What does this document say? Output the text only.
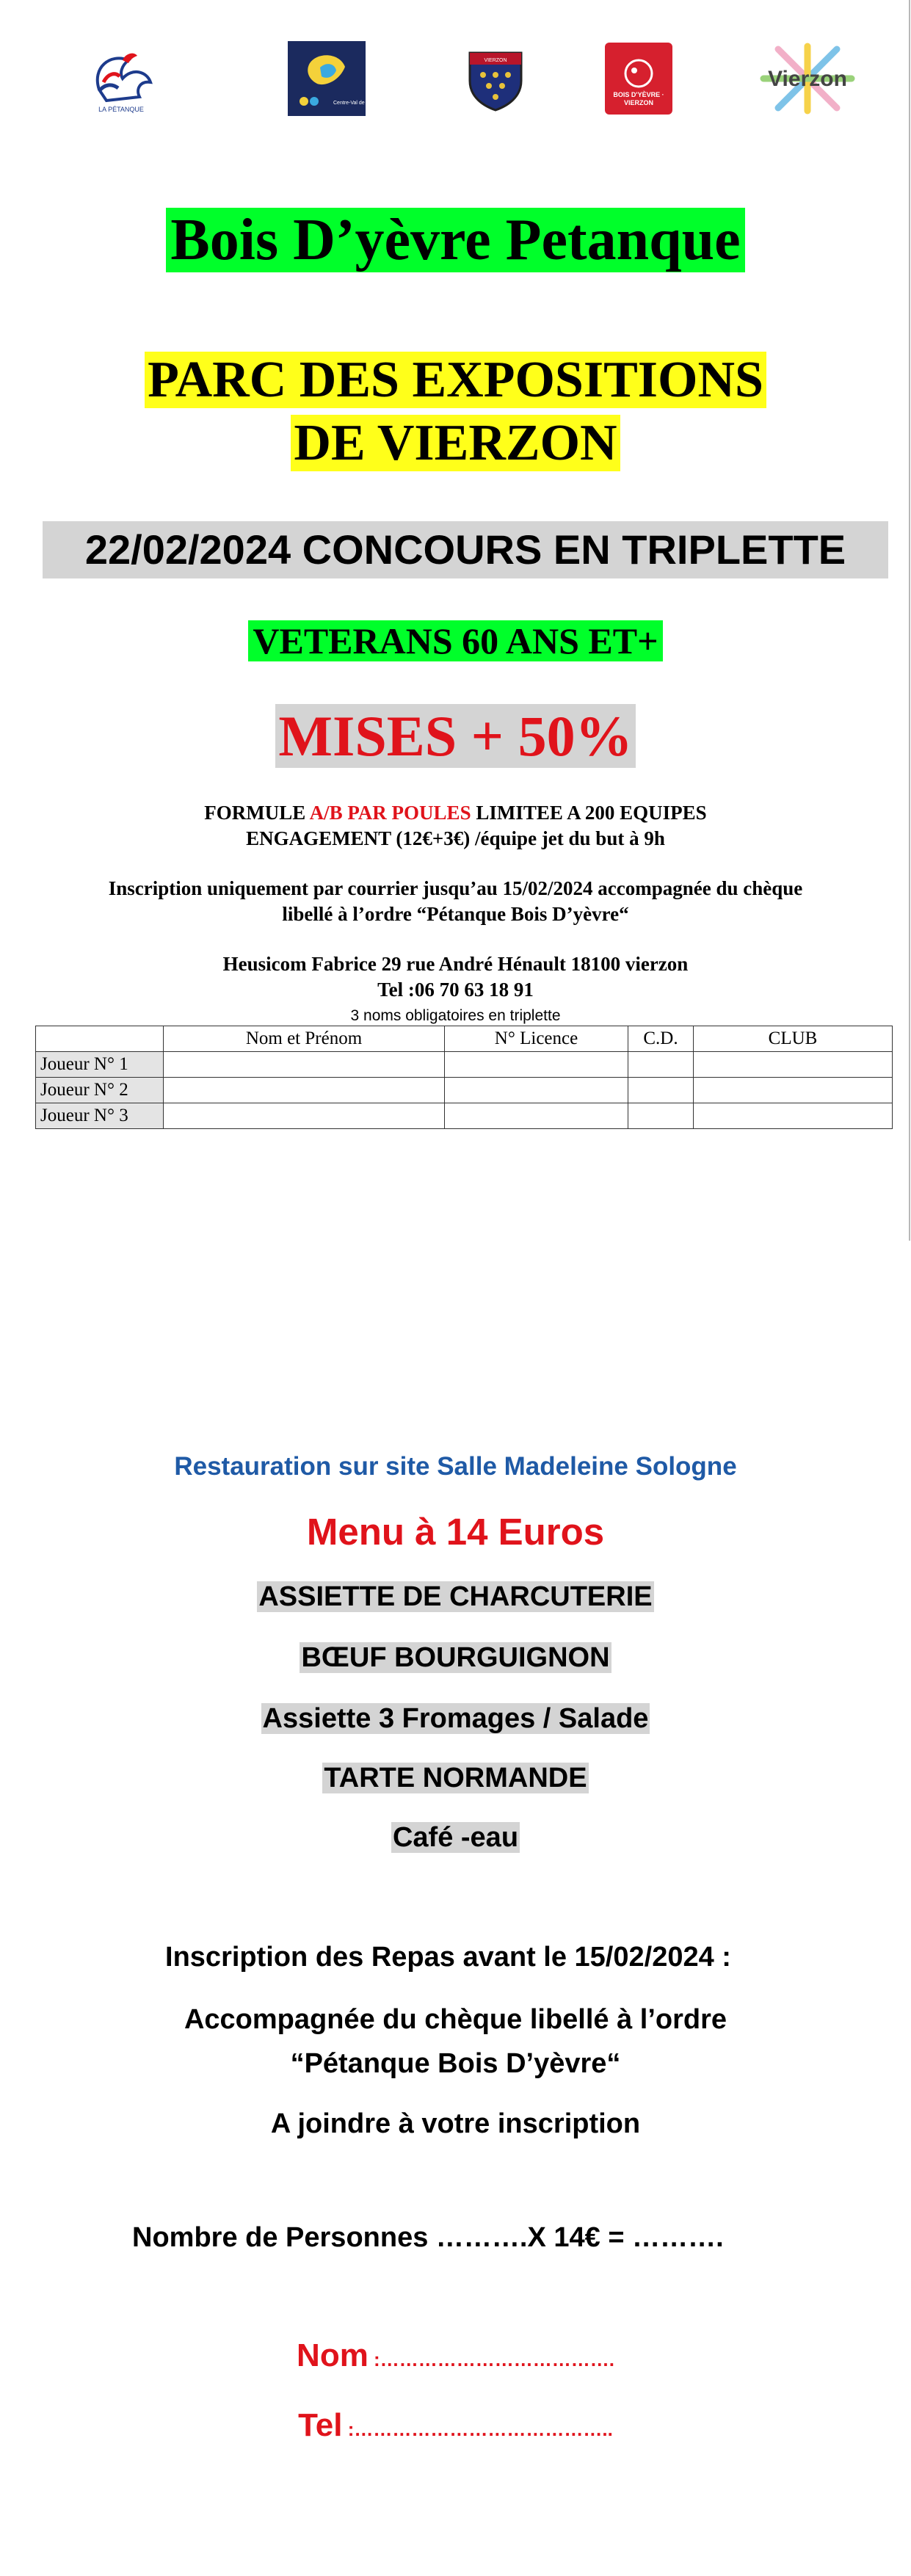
LA PÉTANQUE
Centre-Val de Loire
VIERZON
BOIS D'YÈVRE · VIERZON
Vierzon
Bois D’yèvre Petanque
PARC DES EXPOSITIONS
DE VIERZON
22/02/2024 CONCOURS EN TRIPLETTE
VETERANS 60 ANS ET+
MISES + 50%
FORMULE A/B PAR POULES LIMITEE A 200 EQUIPES
ENGAGEMENT (12€+3€) /équipe jet du but à 9h
Inscription uniquement par courrier jusqu’au 15/02/2024 accompagnée du chèque
libellé à l’ordre “Pétanque Bois D’yèvre“
Heusicom Fabrice 29 rue André Hénault 18100 vierzon
Tel :06 70 63 18 91
3 noms obligatoires en triplette
	Nom et Prénom	N° Licence	C.D.	CLUB
Joueur N° 1				
Joueur N° 2				
Joueur N° 3				
Restauration sur site Salle Madeleine Sologne
Menu à 14 Euros
ASSIETTE DE CHARCUTERIE
BŒUF BOURGUIGNON
Assiette 3 Fromages / Salade
TARTE NORMANDE
Café -eau
Inscription des Repas avant le 15/02/2024 :
Accompagnée du chèque libellé à l’ordre
“Pétanque Bois D’yèvre“
A joindre à votre inscription
Nombre de Personnes ……….X 14€ = ……….
Nom :……………………………….
Tel :…………………………………..
